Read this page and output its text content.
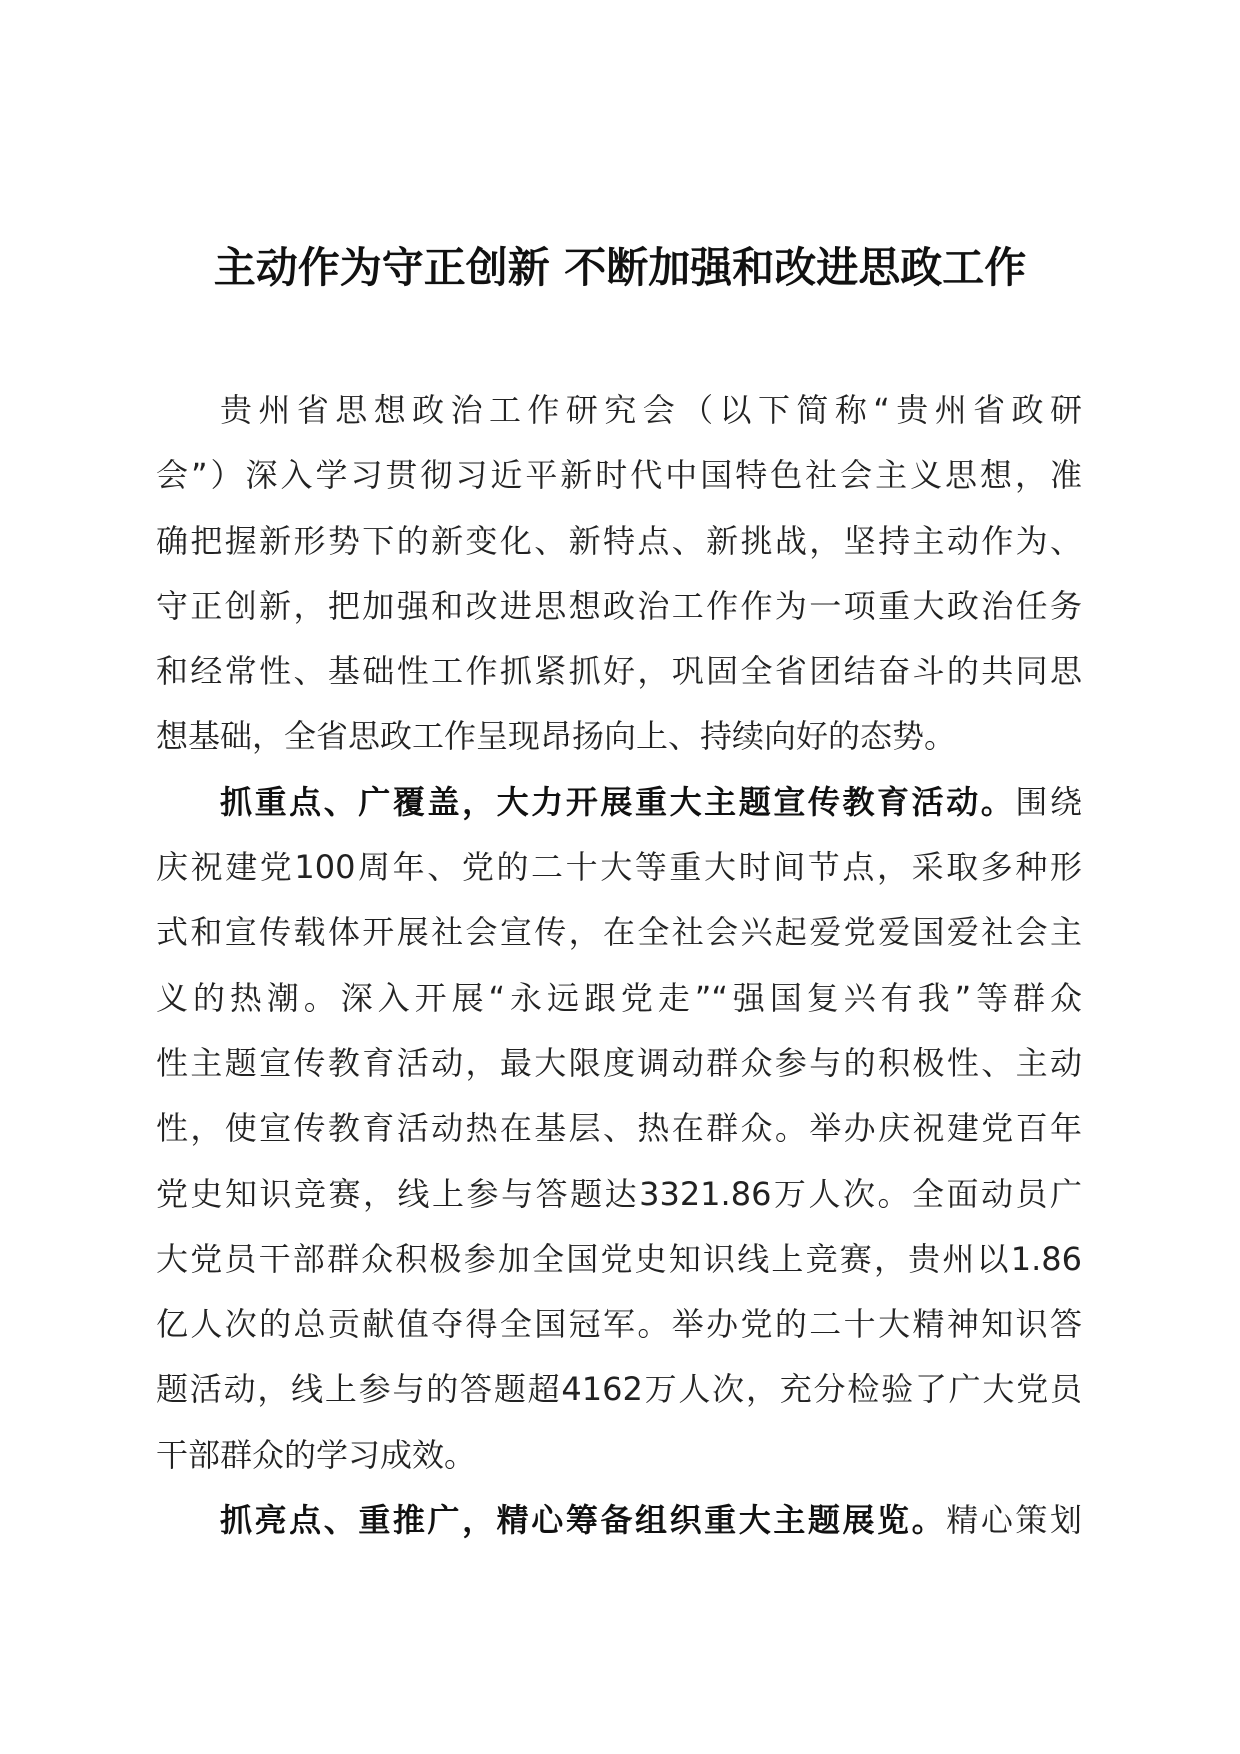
主动作为守正创新 不断加强和改进思政工作
贵州省思想政治工作研究会（以下简称“贵州省政研
会”）深入学习贯彻习近平新时代中国特色社会主义思想，准
确把握新形势下的新变化、新特点、新挑战，坚持主动作为、
守正创新，把加强和改进思想政治工作作为一项重大政治任务
和经常性、基础性工作抓紧抓好，巩固全省团结奋斗的共同思
想基础，全省思政工作呈现昂扬向上、持续向好的态势。
抓重点、广覆盖，大力开展重大主题宣传教育活动。围绕
庆祝建党100周年、党的二十大等重大时间节点，采取多种形
式和宣传载体开展社会宣传，在全社会兴起爱党爱国爱社会主
义的热潮。深入开展“永远跟党走”“强国复兴有我”等群众
性主题宣传教育活动，最大限度调动群众参与的积极性、主动
性，使宣传教育活动热在基层、热在群众。举办庆祝建党百年
党史知识竞赛，线上参与答题达3321.86万人次。全面动员广
大党员干部群众积极参加全国党史知识线上竞赛，贵州以1.86
亿人次的总贡献值夺得全国冠军。举办党的二十大精神知识答
题活动，线上参与的答题超4162万人次，充分检验了广大党员
干部群众的学习成效。
抓亮点、重推广，精心筹备组织重大主题展览。精心策划
